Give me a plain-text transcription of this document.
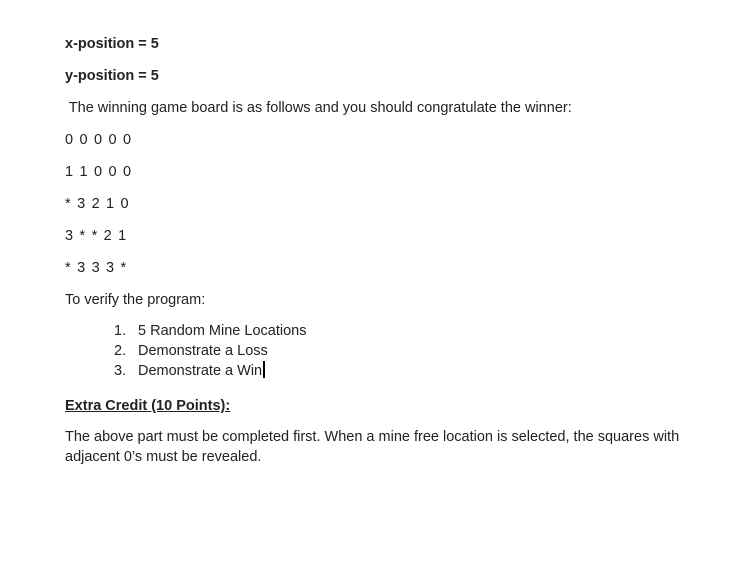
x-position = 5
y-position = 5
The winning game board is as follows and you should congratulate the winner:
0 0 0 0 0
1 1 0 0 0
* 3 2 1 0
3 * * 2 1
* 3 3 3 *
To verify the program:
1. 5 Random Mine Locations
2. Demonstrate a Loss
3. Demonstrate a Win
Extra Credit (10 Points):
The above part must be completed first. When a mine free location is selected, the squares with adjacent 0’s must be revealed.
